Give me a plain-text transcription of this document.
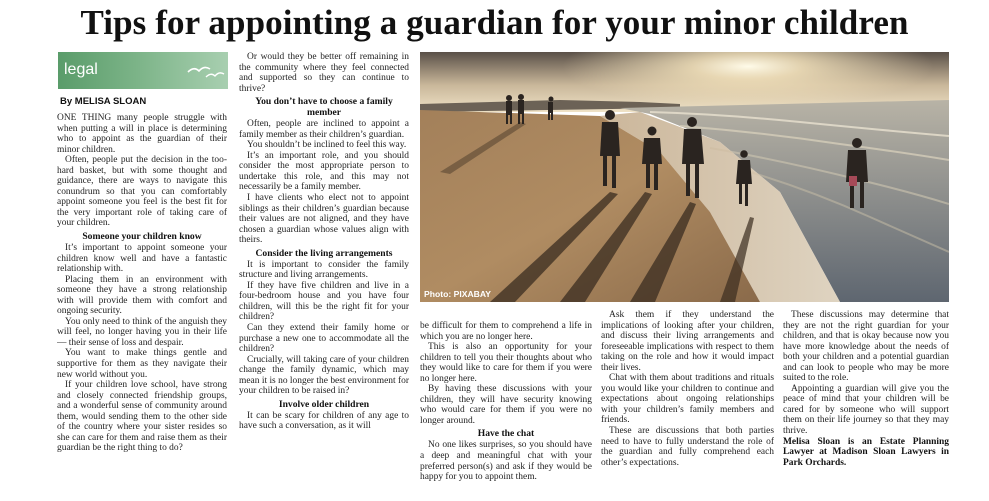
Tips for appointing a guardian for your minor children
legal
By MELISA SLOAN

ONE THING many people struggle with when putting a will in place is determining who to appoint as the guardian of their minor children.

Often, people put the decision in the too-hard basket, but with some thought and guidance, there are ways to navigate this conundrum so that you can comfortably appoint someone you feel is the best fit for the very important role of taking care of your children.

Someone your children know

It’s important to appoint someone your children know well and have a fantastic relationship with.

Placing them in an environment with someone they have a strong relationship with will provide them with comfort and ongoing security.

You only need to think of the anguish they will feel, no longer having you in their life — their sense of loss and despair.

You want to make things gentle and supportive for them as they navigate their new world without you.

If your children love school, have strong and closely connected friendship groups, and a wonderful sense of community around them, would sending them to the other side of the country where your sister resides so she can care for them and raise them as their guardian be the right thing to do?

Or would they be better off remaining in the community where they feel connected and supported so they can continue to thrive?

You don’t have to choose a family member

Often, people are inclined to appoint a family member as their children’s guardian.

You shouldn’t be inclined to feel this way.

It’s an important role, and you should consider the most appropriate person to undertake this role, and this may not necessarily be a family member.

I have clients who elect not to appoint siblings as their children’s guardian because their values are not aligned, and they have chosen a guardian whose values align with theirs.

Consider the living arrangements

It is important to consider the family structure and living arrangements.

If they have five children and live in a four-bedroom house and you have four children, will this be the right fit for your children?

Can they extend their family home or purchase a new one to accommodate all the children?

Crucially, will taking care of your children change the family dynamic, which may mean it is no longer the best environment for your children to be raised in?

Involve older children

It can be scary for children of any age to have such a conversation, as it will

Photo: PIXABAY

be difficult for them to comprehend a life in which you are no longer here.

This is also an opportunity for your children to tell you their thoughts about who they would like to care for them if you were no longer here.

By having these discussions with your children, they will have security knowing who would care for them if you were no longer around.

Have the chat

No one likes surprises, so you should have a deep and meaningful chat with your preferred person(s) and ask if they would be happy for you to appoint them.

Ask them if they understand the implications of looking after your children, and discuss their living arrangements and foreseeable implications with respect to them taking on the role and how it would impact their lives.

Chat with them about traditions and rituals you would like your children to continue and expectations about ongoing relationships with your children’s family members and friends.

These are discussions that both parties need to have to fully understand the role of the guardian and fully comprehend each other’s expectations.

These discussions may determine that they are not the right guardian for your children, and that is okay because now you have more knowledge about the needs of both your children and a potential guardian and can look to people who may be more suited to the role.

Appointing a guardian will give you the peace of mind that your children will be cared for by someone who will support them on their life journey so that they may thrive.

Melisa Sloan is an Estate Planning Lawyer at Madison Sloan Lawyers in Park Orchards.
